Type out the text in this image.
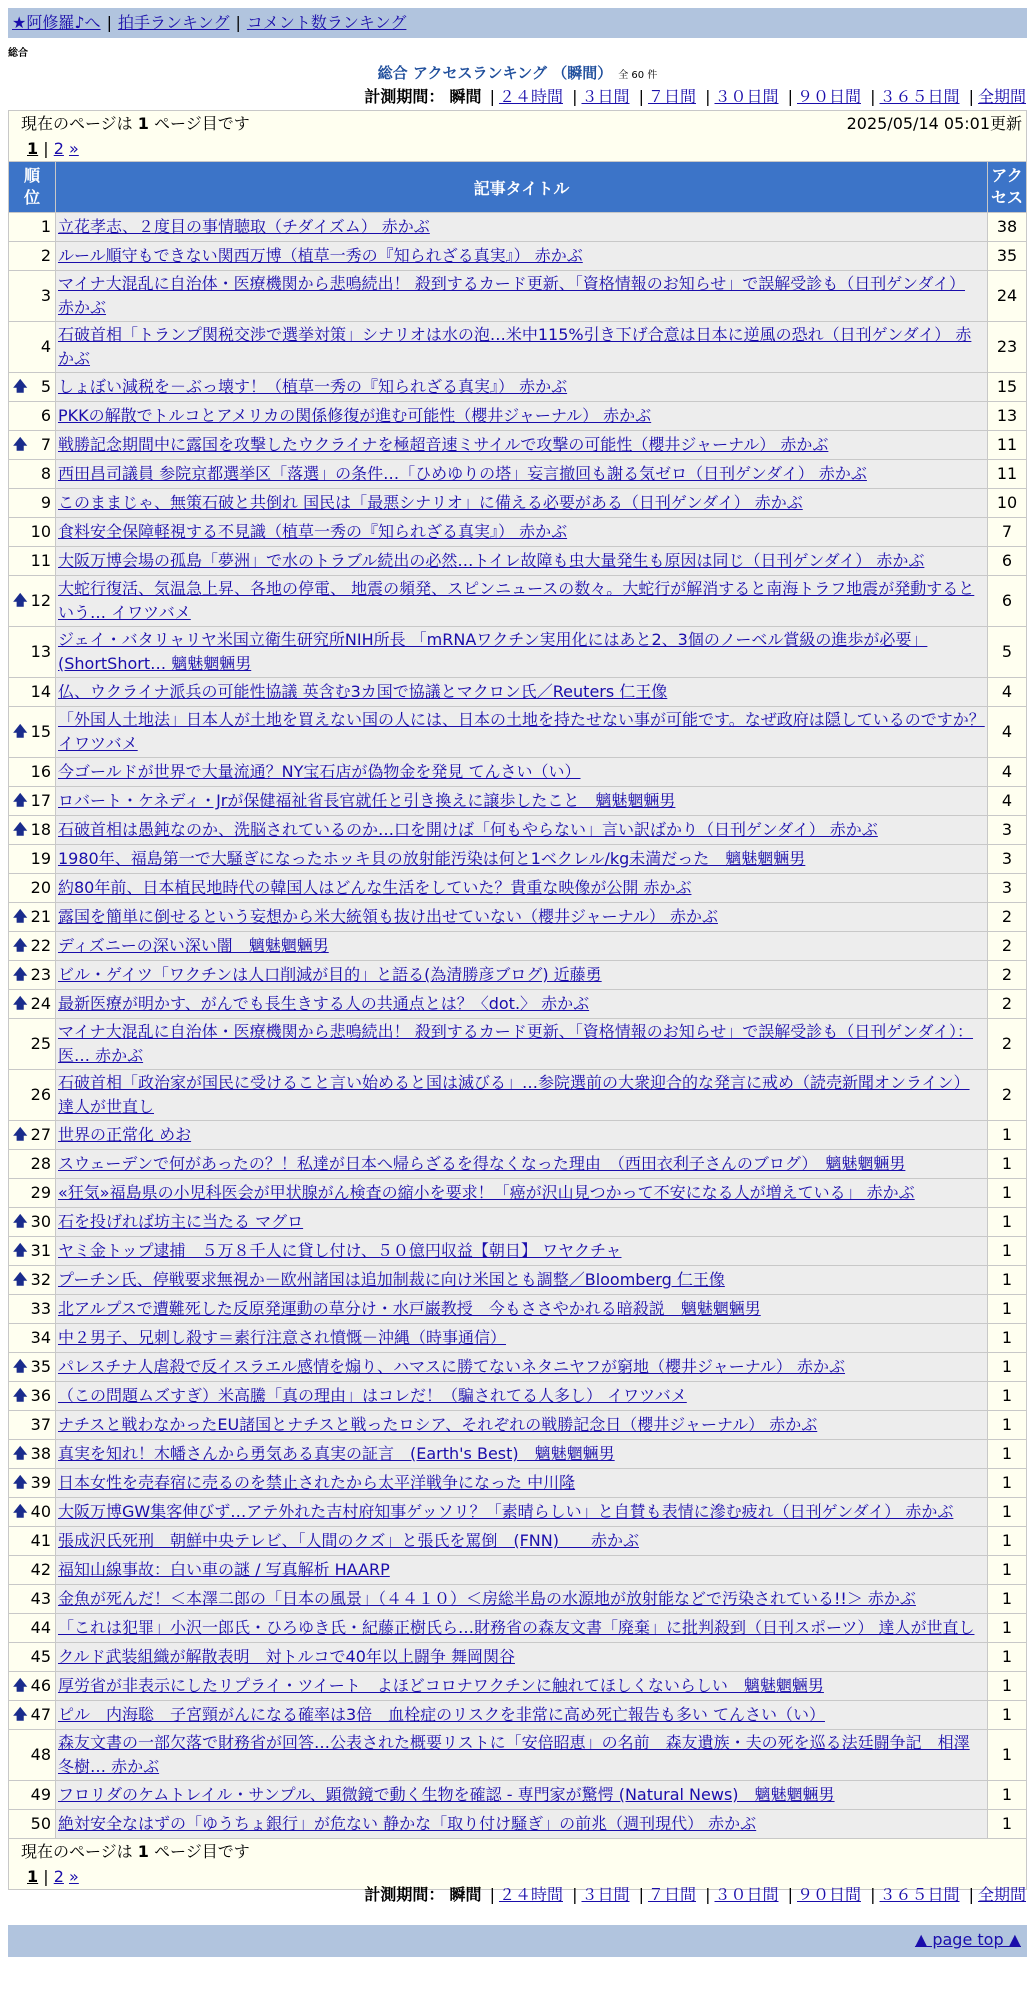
★阿修羅♪へ | 拍手ランキング | コメント数ランキング
総合
総合 アクセスランキング （瞬間） 全 60 件
計測期間： 瞬間 | ２４時間 | ３日間 | ７日間 | ３０日間 | ９０日間 | ３６５日間 | 全期間
現在のページは 1 ページ目です	2025/05/14 05:01更新
1 | 2 »
順位	記事タイトル	アクセス

1	立花孝志、２度目の事情聴取（チダイズム） 赤かぶ	38
2	ルール順守もできない関西万博（植草一秀の『知られざる真実』） 赤かぶ	35
3	マイナ大混乱に自治体・医療機関から悲鳴続出！ 殺到するカード更新、「資格情報のお知らせ」で誤解受診も（日刊ゲンダイ） 赤かぶ	24
4	石破首相「トランプ関税交渉で選挙対策」シナリオは水の泡…米中115%引き下げ合意は日本に逆風の恐れ（日刊ゲンダイ） 赤かぶ	23

🡅 5	しょぼい減税を－ぶっ壊す！（植草一秀の『知られざる真実』） 赤かぶ	15
6	PKKの解散でトルコとアメリカの関係修復が進む可能性（櫻井ジャーナル） 赤かぶ	13

🡅 7	戦勝記念期間中に露国を攻撃したウクライナを極超音速ミサイルで攻撃の可能性（櫻井ジャーナル） 赤かぶ	11
8	西田昌司議員 参院京都選挙区「落選」の条件…「ひめゆりの塔」妄言撤回も謝る気ゼロ（日刊ゲンダイ） 赤かぶ	11
9	このままじゃ、無策石破と共倒れ 国民は「最悪シナリオ」に備える必要がある（日刊ゲンダイ） 赤かぶ	10
10	食料安全保障軽視する不見識（植草一秀の『知られざる真実』） 赤かぶ	7
11	大阪万博会場の孤島「夢洲」で水のトラブル続出の必然…トイレ故障も虫大量発生も原因は同じ（日刊ゲンダイ） 赤かぶ	6

🡅 12	大蛇行復活、気温急上昇、各地の停電、 地震の頻発、スピンニュースの数々。大蛇行が解消すると南海トラフ地震が発動するという… イワツバメ	6
13	ジェイ・バタリャリヤ米国立衛生研究所NIH所長 「mRNAワクチン実用化にはあと2、3個のノーベル賞級の進歩が必要」(ShortShort… 魑魅魍魎男	5
14	仏、ウクライナ派兵の可能性協議 英含む3カ国で協議とマクロン氏／Reuters 仁王像	4

🡅 15	「外国人土地法」日本人が土地を買えない国の人には、日本の土地を持たせない事が可能です。なぜ政府は隠しているのですか？ イワツバメ	4
16	今ゴールドが世界で大量流通？NY宝石店が偽物金を発見 てんさい（い）	4

🡅 17	ロバート・ケネディ・Jrが保健福祉省長官就任と引き換えに譲歩したこと　魑魅魍魎男	4

🡅 18	石破首相は愚鈍なのか、洗脳されているのか…口を開けば「何もやらない」言い訳ばかり（日刊ゲンダイ） 赤かぶ	3
19	1980年、福島第一で大騒ぎになったホッキ貝の放射能汚染は何と1ベクレル/kg未満だった　魑魅魍魎男	3
20	約80年前、日本植民地時代の韓国人はどんな生活をしていた？貴重な映像が公開 赤かぶ	3

🡅 21	露国を簡単に倒せるという妄想から米大統領も抜け出せていない（櫻井ジャーナル） 赤かぶ	2

🡅 22	ディズニーの深い深い闇　魑魅魍魎男	2

🡅 23	ビル・ゲイツ「ワクチンは人口削減が目的」と語る(為清勝彦ブログ) 近藤勇	2

🡅 24	最新医療が明かす、がんでも長生きする人の共通点とは？〈dot.〉 赤かぶ	2
25	マイナ大混乱に自治体・医療機関から悲鳴続出！ 殺到するカード更新、「資格情報のお知らせ」で誤解受診も（日刊ゲンダイ）：医… 赤かぶ	2
26	石破首相「政治家が国民に受けること言い始めると国は滅びる」…参院選前の大衆迎合的な発言に戒め（読売新聞オンライン） 達人が世直し	2

🡅 27	世界の正常化 めお	1
28	スウェーデンで何があったの？！私達が日本へ帰らざるを得なくなった理由　（西田衣利子さんのブログ）　魑魅魍魎男	1
29	«狂気»福島県の小児科医会が甲状腺がん検査の縮小を要求！「癌が沢山見つかって不安になる人が増えている」 赤かぶ	1

🡅 30	石を投げれば坊主に当たる マグロ	1

🡅 31	ヤミ金トップ逮捕　５万８千人に貸し付け、５０億円収益【朝日】 ワヤクチャ	1

🡅 32	プーチン氏、停戦要求無視か－欧州諸国は追加制裁に向け米国とも調整／Bloomberg 仁王像	1
33	北アルプスで遭難死した反原発運動の草分け・水戸巌教授　今もささやかれる暗殺説　魑魅魍魎男	1
34	中２男子、兄刺し殺す＝素行注意され憤慨－沖縄（時事通信）	1

🡅 35	パレスチナ人虐殺で反イスラエル感情を煽り、ハマスに勝てないネタニヤフが窮地（櫻井ジャーナル） 赤かぶ	1

🡅 36	（この問題ムズすぎ）米高騰「真の理由」はコレだ！（騙されてる人多し） イワツバメ	1
37	ナチスと戦わなかったEU諸国とナチスと戦ったロシア、それぞれの戦勝記念日（櫻井ジャーナル） 赤かぶ	1

🡅 38	真実を知れ！木幡さんから勇気ある真実の証言　(Earth's Best)　魑魅魍魎男	1

🡅 39	日本女性を売春宿に売るのを禁止されたから太平洋戦争になった 中川隆	1

🡅 40	大阪万博GW集客伸びず…アテ外れた吉村府知事ゲッソリ？「素晴らしい」と自賛も表情に滲む疲れ（日刊ゲンダイ） 赤かぶ	1
41	張成沢氏死刑　朝鮮中央テレビ、「人間のクズ」と張氏を罵倒　(FNN)　　赤かぶ	1
42	福知山線事故：白い車の謎 / 写真解析 HAARP	1
43	金魚が死んだ！＜本澤二郎の「日本の風景」（４４１０）＜房総半島の水源地が放射能などで汚染されている!!＞ 赤かぶ	1
44	「これは犯罪」小沢一郎氏・ひろゆき氏・紀藤正樹氏ら…財務省の森友文書「廃棄」に批判殺到（日刊スポーツ） 達人が世直し	1
45	クルド武装組織が解散表明　対トルコで40年以上闘争 舞岡関谷	1

🡅 46	厚労省が非表示にしたリプライ・ツイート　よほどコロナワクチンに触れてほしくないらしい　魑魅魍魎男	1

🡅 47	ピル　内海聡　子宮頸がんになる確率は3倍　血栓症のリスクを非常に高め死亡報告も多い てんさい（い）	1
48	森友文書の一部欠落で財務省が回答…公表された概要リストに「安倍昭恵」の名前　森友遺族・夫の死を巡る法廷闘争記　相澤冬樹… 赤かぶ	1
49	フロリダのケムトレイル・サンプル、顕微鏡で動く生物を確認 - 専門家が驚愕 (Natural News)　魑魅魍魎男	1
50	絶対安全なはずの「ゆうちょ銀行」が危ない 静かな「取り付け騒ぎ」の前兆（週刊現代） 赤かぶ	1
現在のページは 1 ページ目です
1 | 2 »
計測期間： 瞬間 | ２４時間 | ３日間 | ７日間 | ３０日間 | ９０日間 | ３６５日間 | 全期間
▲ page top ▲
